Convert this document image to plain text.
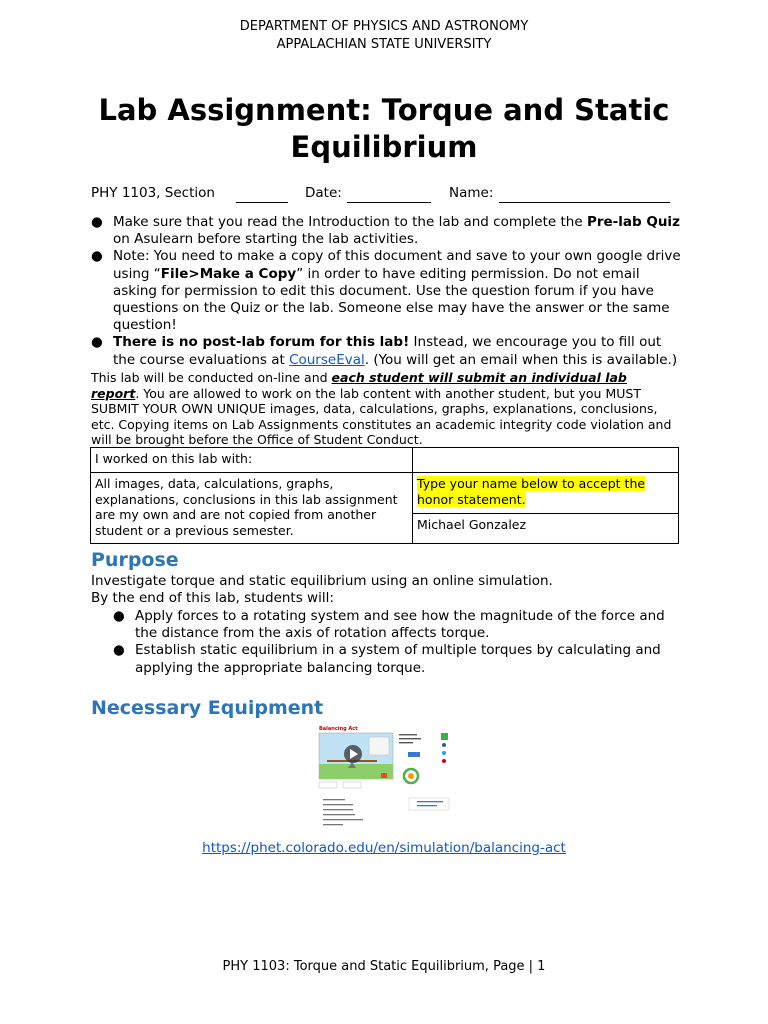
DEPARTMENT OF PHYSICS AND ASTRONOMY
APPALACHIAN STATE UNIVERSITY
Lab Assignment: Torque and Static
Equilibrium
PHY 1103, Section	Date:	Name:
● Make sure that you read the Introduction to the lab and complete the Pre-lab Quiz on Asulearn before starting the lab activities.
● Note: You need to make a copy of this document and save to your own google drive using “File>Make a Copy” in order to have editing permission. Do not email asking for permission to edit this document. Use the question forum if you have questions on the Quiz or the lab. Someone else may have the answer or the same question!
● There is no post-lab forum for this lab! Instead, we encourage you to fill out the course evaluations at CourseEval. (You will get an email when this is available.)
This lab will be conducted on-line and each student will submit an individual lab report. You are allowed to work on the lab content with another student, but you MUST SUBMIT YOUR OWN UNIQUE images, data, calculations, graphs, explanations, conclusions, etc. Copying items on Lab Assignments constitutes an academic integrity code violation and will be brought before the Office of Student Conduct.
I worked on this lab with:	
All images, data, calculations, graphs, explanations, conclusions in this lab assignment are my own and are not copied from another student or a previous semester.	Type your name below to accept the honor statement.
	Michael Gonzalez
Purpose
Investigate torque and static equilibrium using an online simulation.
By the end of this lab, students will:
● Apply forces to a rotating system and see how the magnitude of the force and the distance from the axis of rotation affects torque.
● Establish static equilibrium in a system of multiple torques by calculating and applying the appropriate balancing torque.
Necessary Equipment
Balancing Act
https://phet.colorado.edu/en/simulation/balancing-act
PHY 1103: Torque and Static Equilibrium, Page | 1
